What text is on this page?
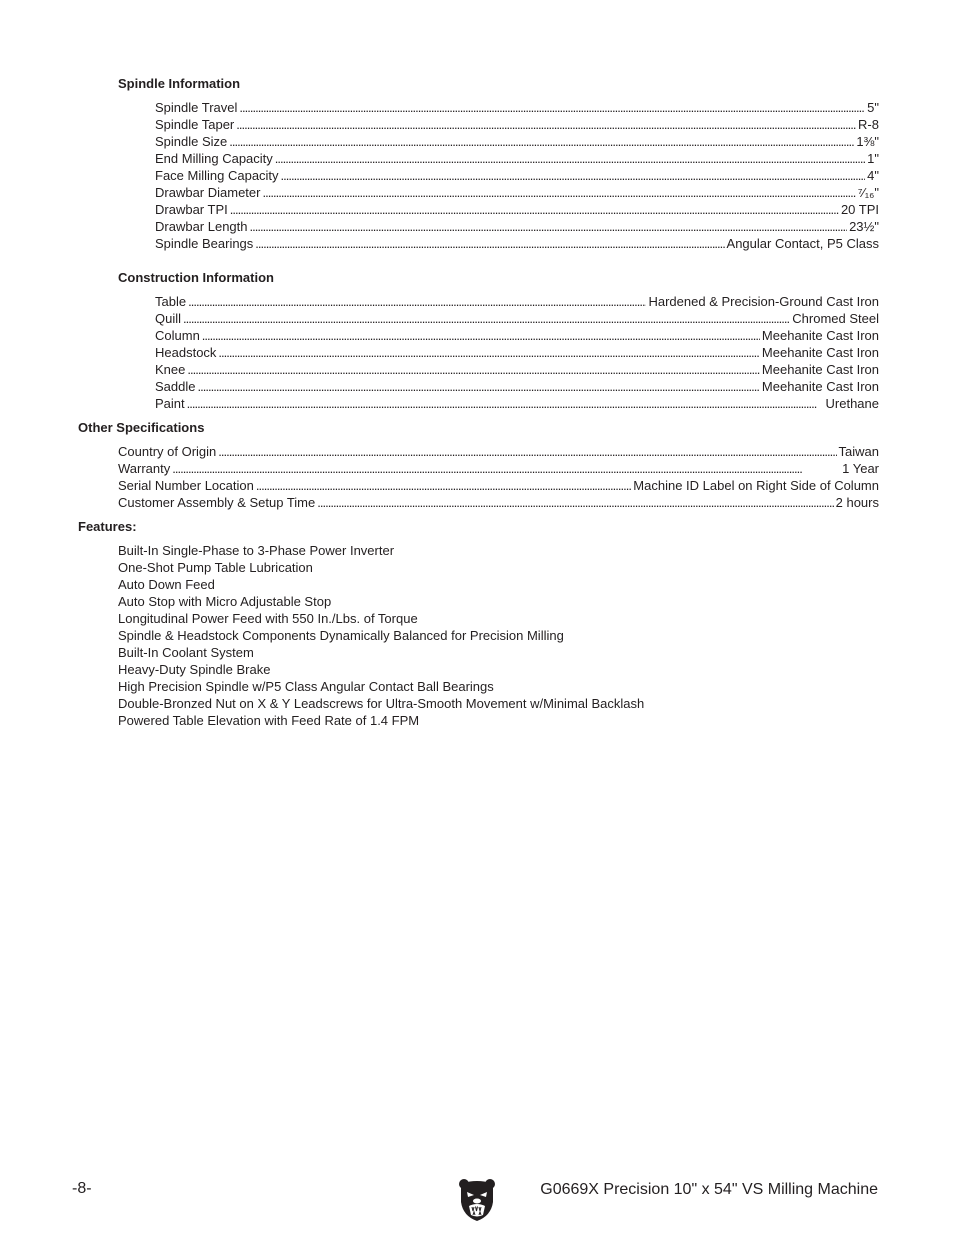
Spindle Information
Spindle Travel . . .	5"
Spindle Taper . . .	R-8
Spindle Size . . .	1⅜"
End Milling Capacity . . .	1"
Face Milling Capacity . . .	4"
Drawbar Diameter . . .	⁷⁄₁₆"
Drawbar TPI . . .	20 TPI
Drawbar Length . . .	23½"
Spindle Bearings . . .	Angular Contact, P5 Class
Construction Information
Table . . .	Hardened & Precision-Ground Cast Iron
Quill . . .	Chromed Steel
Column . . .	Meehanite Cast Iron
Headstock . . .	Meehanite Cast Iron
Knee . . .	Meehanite Cast Iron
Saddle . . .	Meehanite Cast Iron
Paint . . .	Urethane
Other Specifications
Country of Origin . . .	Taiwan
Warranty . . .	1 Year
Serial Number Location . . .	Machine ID Label on Right Side of Column
Customer Assembly & Setup Time . . .	2 hours
Features:
Built-In Single-Phase to 3-Phase Power Inverter
One-Shot Pump Table Lubrication
Auto Down Feed
Auto Stop with Micro Adjustable Stop
Longitudinal Power Feed with 550 In./Lbs. of Torque
Spindle & Headstock Components Dynamically Balanced for Precision Milling
Built-In Coolant System
Heavy-Duty Spindle Brake
High Precision Spindle w/P5 Class Angular Contact Ball Bearings
Double-Bronzed Nut on X & Y Leadscrews for Ultra-Smooth Movement w/Minimal Backlash
Powered Table Elevation with Feed Rate of 1.4 FPM
-8-	G0669X Precision 10" x 54" VS Milling Machine
